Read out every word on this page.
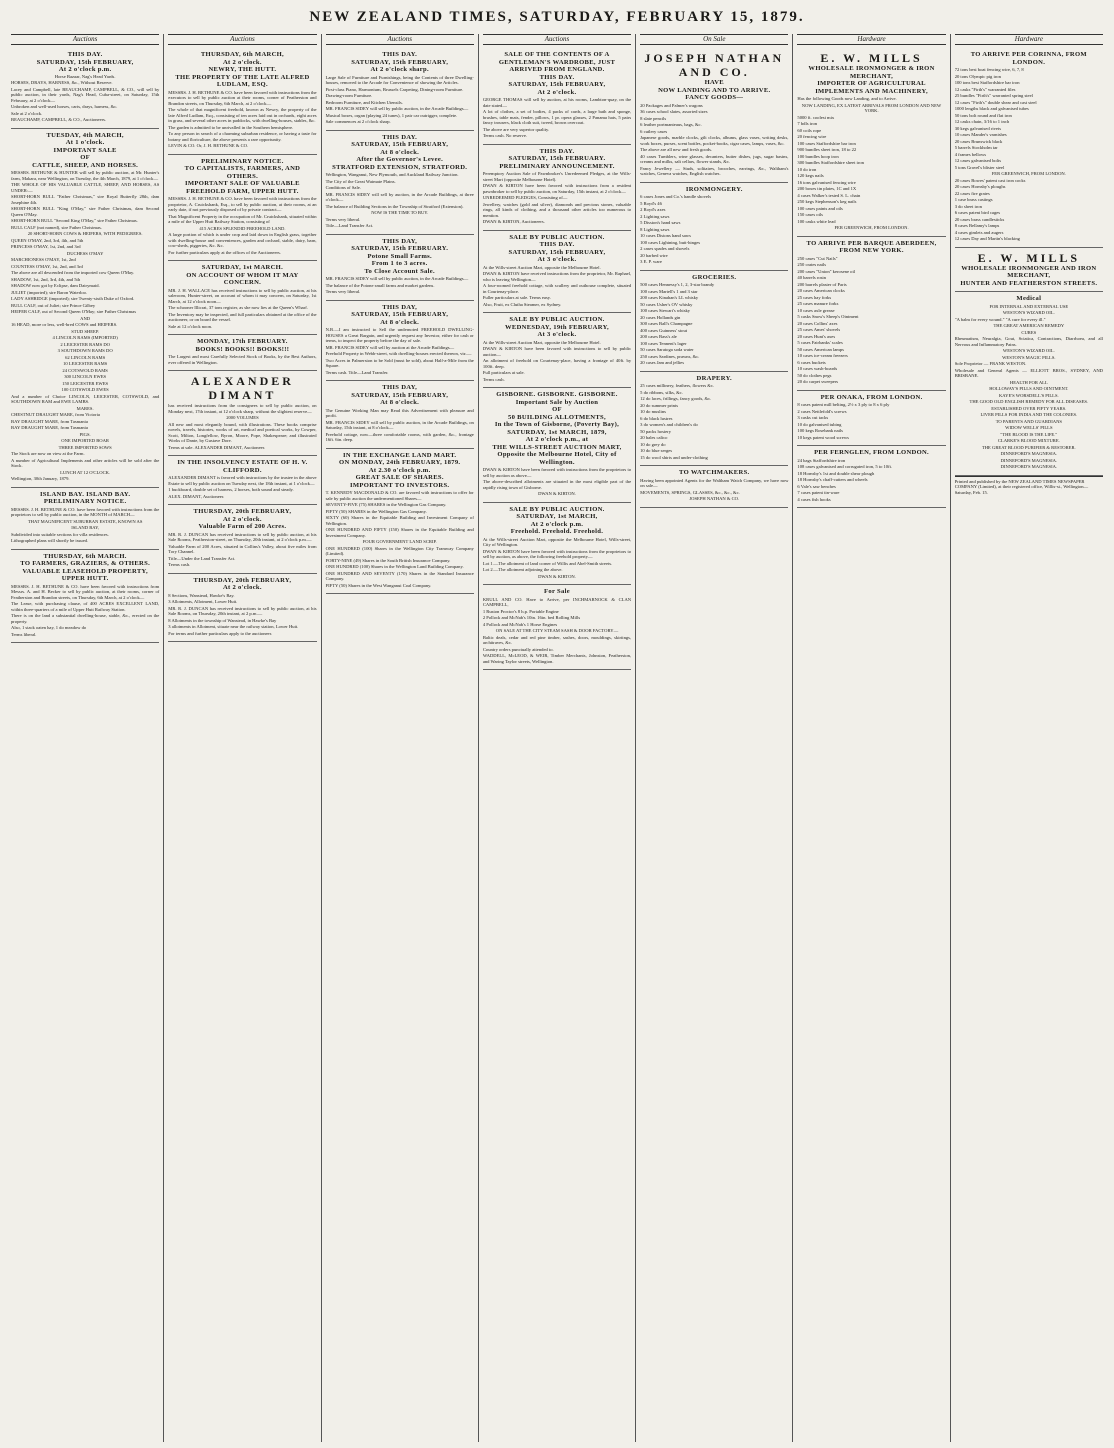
NEW ZEALAND TIMES, SATURDAY, FEBRUARY 15, 1879.
Auctions
THIS DAY.
SATURDAY, 15th FEBRUARY,
At 2 o'clock p.m.
Horse Bazaar, Nag's Head Yards.

HORSES, DRAYS, HARNESS, &c., Without Reserve.

Lacey and Campbell, late BEAUCHAMP, CAMPBELL, & CO., will sell by public auction, in their yards, Nag's Head, Cuba-street, on Saturday, 15th February, at 2 o'clock—

Unbroken and well-used horses, carts, drays, harness, &c.

Sale at 2 o'clock.

BEAUCHAMP, CAMPBELL, & CO., Auctioneers.

TUESDAY, 4th MARCH,
At 1 o'clock.
IMPORTANT SALE
OF
CATTLE, SHEEP, AND HORSES.

MESSRS. BETHUNE & HUNTER will sell by public auction, at Mr. Hunter's farm, Makara, near Wellington, on Tuesday, the 4th March, 1879, at 1 o'clock—

THE WHOLE OF HIS VALUABLE CATTLE, SHEEP, AND HORSES, AS UNDER:—

SHORT-HORN BULL "Father Christmas," sire Royal Butterfly 28th, dam Josephine 4th.

SHORT-HORN BULL "King O'May," sire Father Christmas, dam Second Queen O'May.

SHORT-HORN BULL "Second King O'May," sire Father Christmas.

BULL CALF (not named), sire Father Christmas.

20 SHORT-HORN COWS & HEIFERS, WITH PEDIGREES.

QUEEN O'MAY, 2nd, 3rd, 4th, and 5th

PRINCESS O'MAY, 1st, 2nd, and 3rd

DUCHESS O'MAY

MARCHIONESS O'MAY, 1st, 2nd

COUNTESS O'MAY, 1st, 2nd, and 3rd

The above are all descended from the imported cow Queen O'May.

SHADOW, 1st, 2nd, 3rd, 4th, and 5th

SHADOW now got by Eclipse, dam Dairymaid.

JULIET (imported); sire Baron Waterloo.

LADY ASHRIDGE (imported); sire Twenty-sixth Duke of Oxford.

BULL CALF, out of Juliet; sire Prince Gilbey

HEIFER CALF, out of Second Queen O'May; sire Father Christmas

AND

16 HEAD, more or less, well-bred COWS and HEIFERS.

STUD SHEEP.

4 LINCOLN RAMS (IMPORTED)

2 LEICESTER RAMS DO

3 SOUTHDOWN RAMS DO

62 LINCOLN RAMS

10 LEICESTER RAMS

24 COTSWOLD RAMS

300 LINCOLN EWES

150 LEICESTER EWES

100 COTSWOLD EWES

And a number of Choice LINCOLN, LEICESTER, COTSWOLD, and SOUTHDOWN RAM and EWE LAMBS.

MARES.

CHESTNUT DRAUGHT MARE, from Victoria

BAY DRAUGHT MARE, from Tasmania

BAY DRAUGHT MARE, from Tasmania

PIGS.

ONE IMPORTED BOAR

THREE IMPORTED SOWS

The Stock are now on view at the Farm.

A number of Agricultural Implements and other articles will be sold after the Stock.

LUNCH AT 12 O'CLOCK.

Wellington, 30th January, 1879.

ISLAND BAY. ISLAND BAY.
PRELIMINARY NOTICE.

MESSRS. J. H. BETHUNE & CO. have been favored with instructions from the proprietors to sell by public auction, in the MONTH of MARCH—

THAT MAGNIFICENT SUBURBAN ESTATE, KNOWN AS

ISLAND BAY,

Subdivided into suitable sections for villa residences.

Lithographed plans will shortly be issued.

THURSDAY, 6th MARCH.
TO FARMERS, GRAZIERS, & OTHERS.
VALUABLE LEASEHOLD PROPERTY, UPPER HUTT.

MESSRS. J. H. BETHUNE & CO. have been favored with instructions from Messrs. A. and H. Becker to sell by public auction, at their rooms, corner of Featherston and Brandon streets, on Thursday, 6th March, at 2 o'clock—

The Lease, with purchasing clause, of 400 ACRES EXCELLENT LAND, within three-quarters of a mile of Upper Hutt Railway Station.

There is on the land a substantial dwelling-house, stable, &c., erected on the property.

Also, 1 stack oaten hay, 1 do meadow do

Terms liberal.

Auctions
THURSDAY, 6th MARCH,
At 2 o'clock.
NEWRY, THE HUTT.
THE PROPERTY OF THE LATE ALFRED LUDLAM, ESQ.

MESSRS. J. H. BETHUNE & CO. have been favored with instructions from the executors to sell by public auction at their rooms, corner of Featherston and Brandon streets, on Thursday, 6th March, at 2 o'clock—

The whole of that magnificent freehold, known as Newry, the property of the late Alfred Ludlam, Esq., consisting of ten acres laid out in orchards, eight acres in grass, and several other acres in paddocks, with dwelling-houses, stables, &c.

The garden is admitted to be unrivalled in the Southern hemisphere.

To any person in search of a charming suburban residence, or having a taste for botany and floriculture, the above presents a rare opportunity.

LEVIN & CO. Or, J. H. BETHUNE & CO.

PRELIMINARY NOTICE.
TO CAPITALISTS, FARMERS, AND OTHERS.
IMPORTANT SALE OF VALUABLE FREEHOLD FARM, UPPER HUTT.

MESSRS. J. H. BETHUNE & CO. have been favored with instructions from the proprietor, A. Cruickshank, Esq., to sell by public auction, at their rooms, at an early date, if not previously disposed of by private contract—

That Magnificent Property in the occupation of Mr. Cruickshank, situated within a mile of the Upper Hutt Railway Station, consisting of

415 ACRES SPLENDID FREEHOLD LAND.

A large portion of which is under crop and laid down in English grass, together with dwelling-house and conveniences, garden and orchard, stable, dairy, barn, cow-sheds, piggeries, &c. &c.

For further particulars apply at the offices of the Auctioneers.

SATURDAY, 1st MARCH.
ON ACCOUNT OF WHOM IT MAY CONCERN.

MR. J. H. WALLACE has received instructions to sell by public auction, at his saleroom, Hunter-street, on account of whom it may concern, on Saturday, 1st March, at 12 o'clock noon—

The schooner Illicrat, 37 tons register, as she now lies at the Queen's Wharf.

The Inventory may be inspected, and full particulars obtained at the office of the auctioneer, or on board the vessel.

Sale at 12 o'clock noon.

MONDAY, 17th FEBRUARY.
BOOKS! BOOKS!! BOOKS!!!

The Largest and most Carefully Selected Stock of Books, by the Best Authors, ever offered in Wellington.

ALEXANDER DIMANT

has received instructions from the consignees to sell by public auction, on Monday next, 17th instant, at 12 o'clock sharp, without the slightest reserve—

2000 VOLUMES

All new and most elegantly bound, with illustrations. These books comprise novels, travels, histories, works of art, medical and poetical works, by Cowper, Scott, Milton, Longfellow, Byron, Moore, Pope, Shakespeare; and illustrated Works of Dante, by Gustave Dore.

Terms at sale. ALEXANDER DIMANT, Auctioneer.

IN THE INSOLVENCY ESTATE OF H. V. CLIFFORD.

ALEXANDER DIMANT is favored with instructions by the trustee in the above Estate to sell by public auction on Tuesday next, the 18th instant, at 1 o'clock—

1 buckboard, double set of harness, 2 horses, both sound and steady.

ALEX. DIMANT, Auctioneer.

THURSDAY, 20th FEBRUARY,
At 2 o'clock.
Valuable Farm of 200 Acres.

MR. R. J. DUNCAN has received instructions to sell by public auction, at his Sale Rooms, Featherston-street, on Thursday, 20th instant, at 2 o'clock p.m.—

Valuable Farm of 200 Acres, situated in Collins's Valley, about five miles from Tory Channel.

Title—Under the Land Transfer Act.

Terms cash.

THURSDAY, 20th FEBRUARY,
At 2 o'clock.

8 Sections, Wanstead, Hawke's Bay.

3 Allotments, Allotment, Lower Hutt.

MR. R. J. DUNCAN has received instructions to sell by public auction, at his Sale Rooms, on Thursday, 20th instant, at 2 p.m.—

8 Allotments in the township of Wanstead, in Hawke's Bay

3 allotments in Allotment, situate near the railway station, Lower Hutt.

For terms and further particulars apply to the auctioneer.

Auctions
THIS DAY.
SATURDAY, 15th FEBRUARY,
At 2 o'clock sharp.

Large Sale of Furniture and Furnishings, being the Contents of three Dwelling-houses, removed to the Arcade for Convenience of showing the Articles.

First-class Piano, Harmonium, Brussels Carpeting, Dining-room Furniture.

Drawing-room Furniture.

Bedroom Furniture, and Kitchen Utensils.

MR. FRANCIS SIDEY will sell by public auction, in the Arcade Buildings—

Musical boxes, organ (playing 24 tunes), 1 pair car outrigger, complete.

Sale commences at 2 o'clock sharp.

THIS DAY.
SATURDAY, 15th FEBRUARY,
At 8 o'clock.
After the Governor's Levee.
STRATFORD EXTENSION, STRATFORD.

Wellington, Wanganui, New Plymouth, and Auckland Railway Junction.

The City of the Great Waimate Plains.

Conditions of Sale.

MR. FRANCIS SIDEY will sell by auction, in the Arcade Buildings, at three o'clock—

The balance of Building Sections in the Township of Stratford (Extension).

NOW IS THE TIME TO BUY.

Terms very liberal.

Title—Land Transfer Act.

THIS DAY,
SATURDAY, 15th FEBRUARY.
Potone Small Farms.
From 1 to 3 acres.
To Close Account Sale.

MR. FRANCIS SIDEY will sell by public auction, in the Arcade Buildings—

The balance of the Potone small farms and market gardens.

Terms very liberal.

THIS DAY,
SATURDAY, 15th FEBRUARY,
At 8 o'clock.

N.B.—I am instructed to Sell the undernoted FREEHOLD DWELLING-HOUSES a Great Bargain, and urgently request any Investor, either for cash or terms, to inspect the property before the day of sale.

MR. FRANCIS SIDEY will sell by auction at the Arcade Buildings—

Freehold Property in Webb-street, with dwelling-houses erected thereon, viz.—

Two Acres in Palmerston to be Sold (must be sold), about Half-a-Mile from the Square.

Terms cash. Title—Land Transfer.

THIS DAY,
SATURDAY, 15th FEBRUARY,
At 8 o'clock.

The Genuine Working Man may Read this Advertisement with pleasure and profit.

MR. FRANCIS SIDEY will sell by public auction, in the Arcade Buildings, on Saturday, 15th instant, at 8 o'clock—

Freehold cottage, now—three comfortable rooms, with garden, &c., frontage 16ft. 6in. deep.

IN THE EXCHANGE LAND MART.
ON MONDAY, 24th FEBRUARY, 1879.
At 2.30 o'clock p.m.
GREAT SALE OF SHARES.
IMPORTANT TO INVESTORS.

T. KENNEDY MACDONALD & CO. are favored with instructions to offer for sale by public auction the undermentioned Shares—

SEVENTY-FIVE (75) SHARES in the Wellington Gas Company.

FIFTY (50) SHARES in the Wellington Gas Company.

SIXTY (60) Shares in the Equitable Building and Investment Company of Wellington.

ONE HUNDRED AND FIFTY (150) Shares in the Equitable Building and Investment Company.

FOUR GOVERNMENT LAND SCRIP.

ONE HUNDRED (100) Shares in the Wellington City Tramway Company (Limited).

FORTY-NINE (49) Shares in the South British Insurance Company.

ONE HUNDRED (100) Shares in the Wellington Land Building Company.

ONE HUNDRED AND SEVENTY (170) Shares in the Standard Insurance Company.

FIFTY (50) Shares in the West Wanganui Coal Company.

Auctions
SALE OF THE CONTENTS OF A GENTLEMAN'S WARDROBE, JUST ARRIVED FROM ENGLAND.
THIS DAY.
SATURDAY, 15th FEBRUARY,
At 2 o'clock.

GEORGE THOMAS will sell by auction, at his rooms, Lambton-quay, on the date stated—

A lot of clothes, a set of bodies, 4 packs of cards, a large bath and sponge, brushes, table mats, fender, pillows, 1 pr. opera glasses, 2 Panama hats, 5 pairs fancy trousers, black cloth suit, tweed, brown overcoat.

The above are very superior quality.

Terms cash. No reserve.

THIS DAY.
SATURDAY, 15th FEBRUARY.
PRELIMINARY ANNOUNCEMENT.

Peremptory Auction Sale of Pawnbroker's Unredeemed Pledges, at the Wills-street Mart (opposite Melbourne Hotel).

DWAN & KIRTON have been favored with instructions from a resident pawnbroker to sell by public auction, on Saturday, 15th instant, at 2 o'clock—

UNREDEEMED PLEDGES, Consisting of—

Jewellery, watches (gold and silver), diamonds and precious stones, valuable rings, all kinds of clothing, and a thousand other articles too numerous to mention.

DWAN & KIRTON, Auctioneers.

SALE BY PUBLIC AUCTION.
THIS DAY.
SATURDAY, 15th FEBRUARY,
At 3 o'clock.

At the Wills-street Auction Mart, opposite the Melbourne Hotel.

DWAN & KIRTON have received instructions from the proprietor, Mr. Raphael, who is leaving Wellington—

A four-roomed freehold cottage, with scullery and outhouse complete, situated in Courtenay-place.

Fuller particulars at sale. Terms easy.

Also, Fruit, ex Clutha Steamer, ex Sydney.

SALE BY PUBLIC AUCTION.
WEDNESDAY, 19th FEBRUARY,
At 3 o'clock.

At the Wills-street Auction Mart, opposite the Melbourne Hotel.

DWAN & KIRTON have been favored with instructions to sell by public auction—

An allotment of freehold on Courtenay-place, having a frontage of 40ft. by 100ft. deep.

Full particulars at sale.

Terms cash.

GISBORNE. GISBORNE. GISBORNE.
Important Sale by Auction
OF
50 BUILDING ALLOTMENTS,
In the Town of Gisborne, (Poverty Bay),
SATURDAY, 1st MARCH, 1879,
At 2 o'clock p.m., at
THE WILLS-STREET AUCTION MART,
Opposite the Melbourne Hotel, City of Wellington.

DWAN & KIRTON have been favored with instructions from the proprietors to sell by auction as above—

The above-described allotments are situated in the most eligible part of the rapidly rising town of Gisborne.

DWAN & KIRTON.

SALE BY PUBLIC AUCTION.
SATURDAY, 1st MARCH,
At 2 o'clock p.m.
Freehold. Freehold. Freehold.

At the Wills-street Auction Mart, opposite the Melbourne Hotel, Wills-street, City of Wellington.

DWAN & KIRTON have been favored with instructions from the proprietors to sell by auction, as above, the following freehold property—

Lot 1.—The allotment of land corner of Willis and Abel-Smith streets.

Lot 2.—The allotment adjoining the above.

DWAN & KIRTON.

For Sale

KRULL AND CO. Have to Arrive, per INCHMARNOCK & CLAN CAMPBELL,

1 Ruston Proctor's 8 h.p. Portable Engine

2 Pollock and McNab's 10in. 16in. bed Rolling Mills

4 Pollock and McNab's 1 Horse Engines

ON SALE AT THE CITY STEAM SASH & DOOR FACTORY—

Baltic deals, cedar and red pine timber, sashes, doors, mouldings, skirtings, architraves, &c.

Country orders punctually attended to.

WADDELL, McLEOD, & WEIR, Timber Merchants, Johnston, Featherston, and Waring Taylor streets, Wellington.

On Sale
JOSEPH NATHAN AND CO.
HAVE
NOW LANDING AND TO ARRIVE.
FANCY GOODS—

20 Packages and Palmer's wagons

36 cases school slates, assorted sizes

8 slate pencils

6 leather portmanteaus, bags, &c.

6 cutlery cases

Japanese goods, marble clocks, gilt clocks, albums, glass vases, writing desks, work boxes, purses, scent bottles, pocket-books, cigar cases, lamps, vases, &c.

The above are all new and fresh goods.

40 cases Tumblers, wine glasses, decanters, butter dishes, jugs, sugar basins, creams and milks, salt cellars, flower stands, &c.

Fancy Jewellery — Studs, solitaires, brooches, earrings, &c., Waltham's watches, Geneva watches, English watches.

IRONMONGERY.

6 cases Jones and Co.'s handle shovels

5 Royd's 46

2 Royd's axes

2 Lighting saws

5 Disston's hand saws

8 Lighting saws

10 cases Distons hand saws

100 cases Lightning, butt-hinges

2 cases spades and shovels

20 barbed wire

3 E. P. ware

GROCERIES.

500 cases Hennessy's 1, 2, 3-star brandy

100 cases Martell's 1 and 3 star

200 cases Kinahan's LL whisky

50 cases Usher's OV whisky

100 cases Stewart's whisky

20 cases Hollands gin

300 cases Ball's Champagne

400 cases Guinness' stout

200 cases Bass's ale

100 cases Tennent's lager

50 cases Saratoga soda water

250 cases Sardines, prawns, &c.

20 cases Jam and jellies

DRAPERY.

25 cases millinery, feathers, flowers &c.

5 do ribbons, silks, &c.

12 do laces, frillings, fancy goods, &c.

20 do summer prints

10 do muslins

6 do black lustres

3 do women's and children's do

50 packs hosiery

20 bales calico

10 do grey do

10 do blue serges

15 do wool shirts and under-clothing

TO WATCHMAKERS.

Having been appointed Agents for the Waltham Watch Company, we have now on sale—

MOVEMENTS, SPRINGS, GLASSES, &c., &c., &c.

JOSEPH NATHAN & CO.

Hardware
E. W. MILLS
WHOLESALE IRONMONGER & IRON
MERCHANT,
IMPORTER OF AGRICULTURAL IMPLEMENTS AND MACHINERY,

Has the following Goods now Landing, and to Arrive.

NOW LANDING, EX LATEST ARRIVALS FROM LONDON AND NEW YORK.

5000 ft. coolest mix

7 bdls iron

60 coils rope

20 fencing wire

100 cases Staffordshire bar iron

900 bundles sheet iron, 18 to 22

100 bundles hoop iron

300 bundles Staffordshire sheet iron

10 do iron

120 kegs nails

16 tons galvanised fencing wire

200 boxes tin plates, 1C and 1X

4 cases Walker's tested S. L. chain

250 kegs Stephenson's keg nails

100 cases paints and oils

150 cases oils

100 casks white lead

FER GREENWICH, FROM LONDON.

TO ARRIVE PER BARQUE ABERDEEN, FROM NEW YORK.

250 cases "Cut Nails"

250 crates nails

200 cases "Union" kerosene oil

40 barrels rosin

200 barrels plaster of Paris

20 cases American clocks

25 cases hay forks

25 cases manure forks

10 cases axle grease

5 casks Snow's Sheep's Ointment

20 cases Collins' axes

25 cases Ames' shovels

20 cases Hunt's axes

5 cases Fairbanks' scales

50 cases American lamps

10 cases ice-cream freezers

6 cases buckets

10 cases wash-boards

50 do clothes pegs

20 do carpet sweepers

PER ONAKA, FROM LONDON.

8 cases patent mill belting, 2½ x 3 ply to 8 x 6 ply

2 cases Nettlefold's screws

3 casks cut tacks

10 do galvanised tubing

100 kegs Rosebank nails

10 kegs patent wood screws

PER FERNGLEN, FROM LONDON.

24 bags Staffordshire iron

108 cases galvanised and corrugated iron, 5 to 10ft.

18 Hornsby's 1st and double shear plough

18 Hornsby's chaff-cutters and wheels

6 Vale's saw benches

7 cases patent tin-ware

4 cases fish hooks

Hardware
TO ARRIVE PER CORINNA, FROM LONDON.

72 tons best boat fencing wire, 6, 7, 8

20 tons Olympic pig iron

100 tons best Staffordshire bar iron

12 casks "Firth's" warranted files

25 bundles "Firth's" warranted spring steel

12 cases "Firth's" double shear and cast steel

1000 lengths black and galvanised tubes

50 tons bolt round and flat iron

12 casks chain, 3/16 to 1 inch

30 kegs galvanised rivets

10 cases Mander's varnishes

20 cases Brunswick black

5 barrels Stockholm tar

4 frames bellows

12 cases galvanised bolts

5 tons Gravel's blister steel

FER GREENWICH, FROM LONDON.

20 cases Bowes' patent cast iron cocks

20 cases Hornsby's ploughs

22 cases fire grates

1 case brass castings

3 do sheet iron

6 cases patent bird cages

20 cases brass candlesticks

8 cases Bellamy's lamps

4 cases gimlets and augers

12 cases Day and Martin's blacking

E. W. MILLS
WHOLESALE IRONMONGER AND IRON MERCHANT,
HUNTER AND FEATHERSTON STREETS.
Medical

FOR INTERNAL AND EXTERNAL USE

WESTON'S WIZARD OIL.

"A balm for every wound." "A cure for every ill."

THE GREAT AMERICAN REMEDY

CURES

Rheumatism, Neuralgia, Gout, Sciatica, Contractions, Diarrhoea, and all Nervous and Inflammatory Pains.

WESTON'S WIZARD OIL.

WESTON'S MAGIC PILLS.

Sole Proprietor — FRANK WESTON.

Wholesale and General Agents — ELLIOTT BROS., SYDNEY, AND BRISBANE.

HEALTH FOR ALL

HOLLOWAY'S PILLS AND OINTMENT.

KAYE'S WORSDELL'S PILLS.

THE GOOD OLD ENGLISH REMEDY FOR ALL DISEASES.

ESTABLISHED OVER FIFTY YEARS.

LIVER PILLS FOR INDIA AND THE COLONIES.

TO PARENTS AND GUARDIANS

WIDOW WELLS' PILLS

"THE BLOOD IS THE LIFE."

CLARKE'S BLOOD MIXTURE.

THE GREAT BLOOD PURIFIER & RESTORER.

DINNEFORD'S MAGNESIA.

DINNEFORD'S MAGNESIA.

DINNEFORD'S MAGNESIA.

Printed and published by the NEW ZEALAND TIMES NEWSPAPER COMPANY (Limited), at their registered office, Willis-st., Wellington—Saturday, Feb. 15.
